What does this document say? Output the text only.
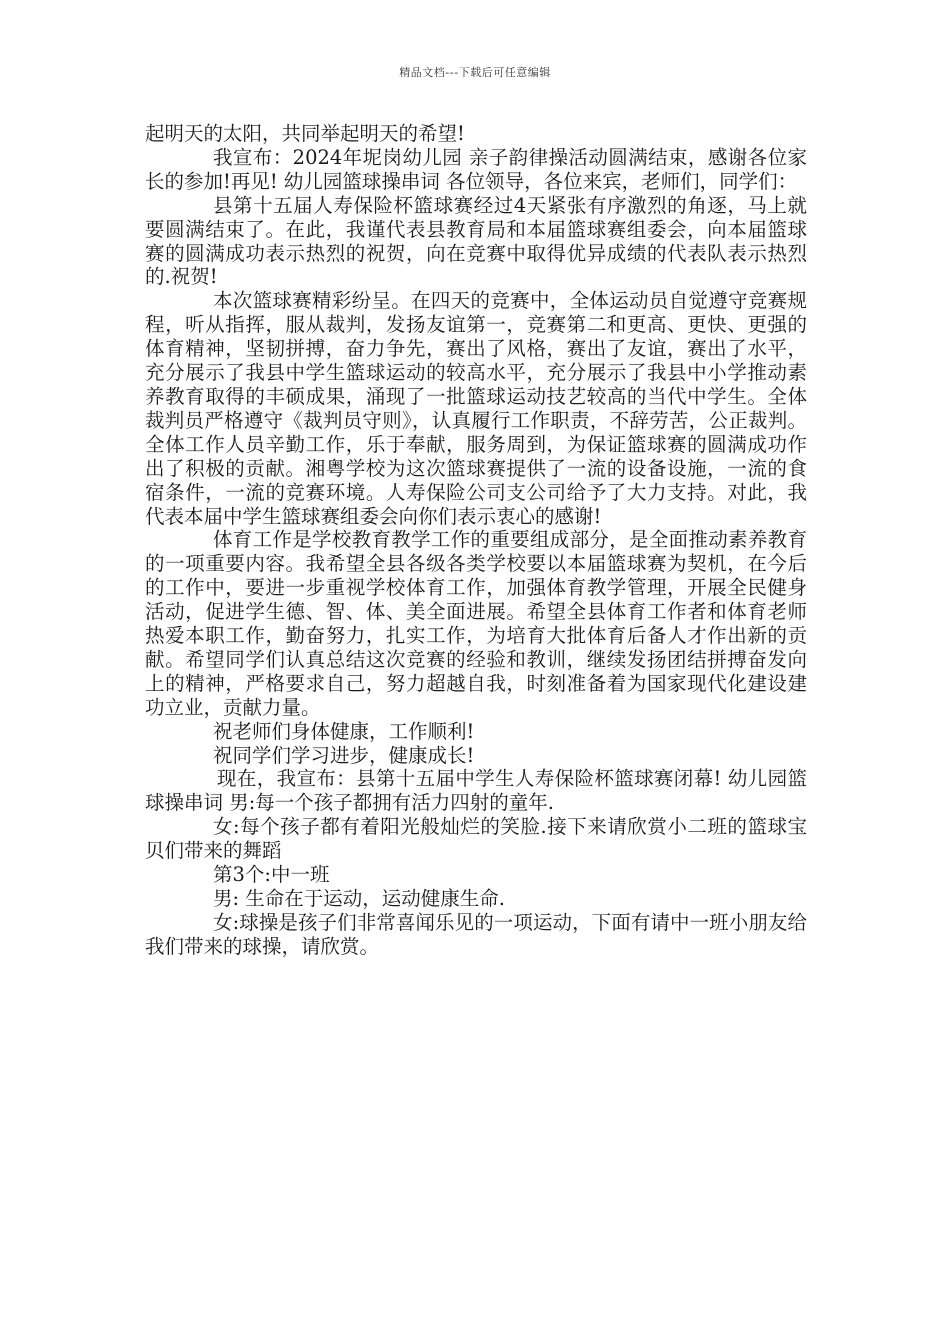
精品文档---下载后可任意编辑

起明天的太阳，共同举起明天的希望!

我宣布：2024年坭岗幼儿园 亲子韵律操活动圆满结束，感谢各位家长的参加!再见! 幼儿园篮球操串词 各位领导，各位来宾，老师们，同学们：

县第十五届人寿保险杯篮球赛经过4天紧张有序激烈的角逐，马上就要圆满结束了。在此，我谨代表县教育局和本届篮球赛组委会，向本届篮球赛的圆满成功表示热烈的祝贺，向在竞赛中取得优异成绩的代表队表示热烈的.祝贺!

本次篮球赛精彩纷呈。在四天的竞赛中，全体运动员自觉遵守竞赛规程，听从指挥，服从裁判，发扬友谊第一，竞赛第二和更高、更快、更强的体育精神，坚韧拼搏，奋力争先，赛出了风格，赛出了友谊，赛出了水平，充分展示了我县中学生篮球运动的较高水平，充分展示了我县中小学推动素养教育取得的丰硕成果，涌现了一批篮球运动技艺较高的当代中学生。全体裁判员严格遵守《裁判员守则》，认真履行工作职责，不辞劳苦，公正裁判。全体工作人员辛勤工作，乐于奉献，服务周到，为保证篮球赛的圆满成功作出了积极的贡献。湘粤学校为这次篮球赛提供了一流的设备设施，一流的食宿条件，一流的竞赛环境。人寿保险公司支公司给予了大力支持。对此，我代表本届中学生篮球赛组委会向你们表示衷心的感谢!

体育工作是学校教育教学工作的重要组成部分，是全面推动素养教育的一项重要内容。我希望全县各级各类学校要以本届篮球赛为契机，在今后的工作中，要进一步重视学校体育工作，加强体育教学管理，开展全民健身活动，促进学生德、智、体、美全面进展。希望全县体育工作者和体育老师热爱本职工作，勤奋努力，扎实工作，为培育大批体育后备人才作出新的贡献。希望同学们认真总结这次竞赛的经验和教训，继续发扬团结拼搏奋发向上的精神，严格要求自己，努力超越自我，时刻准备着为国家现代化建设建功立业，贡献力量。

祝老师们身体健康，工作顺利!

祝同学们学习进步，健康成长!

现在，我宣布：县第十五届中学生人寿保险杯篮球赛闭幕! 幼儿园篮球操串词 男:每一个孩子都拥有活力四射的童年.

女:每个孩子都有着阳光般灿烂的笑脸.接下来请欣赏小二班的篮球宝贝们带来的舞蹈

第3个:中一班

男: 生命在于运动，运动健康生命.

女:球操是孩子们非常喜闻乐见的一项运动，下面有请中一班小朋友给我们带来的球操，请欣赏。
